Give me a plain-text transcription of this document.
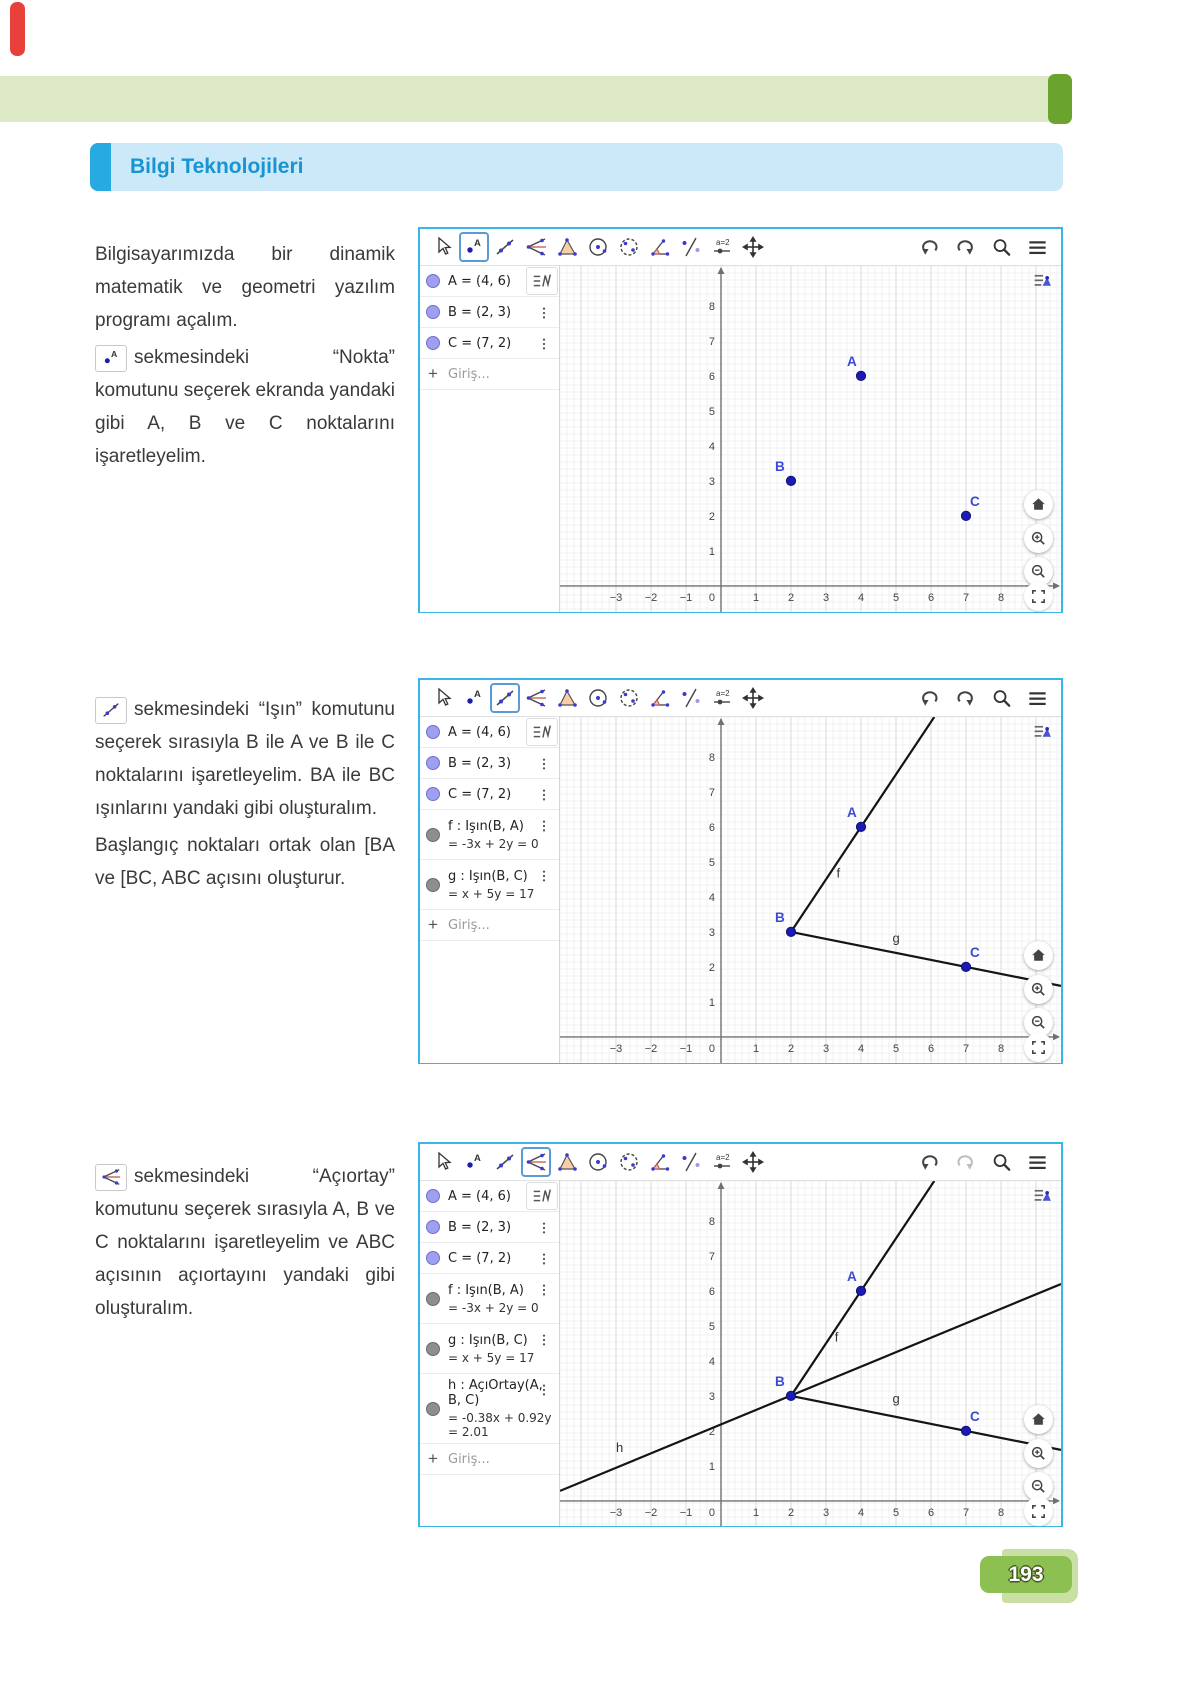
Bilgi Teknolojileri

Bilgisayarımızda bir dinamik matematik ve geometri yazılım programı açalım.

A sekmesindeki “Nokta” komutunu seçerek ekranda yandaki gibi A, B ve C noktalarını işaretleyelim.

A	a=2
A = (4, 6)
B = (2, 3)
C = (7, 2)
+ Giriş...
−3 −2 −1 0	1	2	3	4	5	6	7	8
1
2
3
4
5
6
7
8
A
B
C

sekmesindeki “Işın” komutunu seçerek sırasıyla B ile A ve B ile C noktalarını işaretleyelim. BA ile BC ışınlarını yandaki gibi oluşturalım.

Başlangıç noktaları ortak olan [BA ve [BC, ABC açısını oluşturur.

A	a=2
A = (4, 6)
B = (2, 3)
C = (7, 2)
f : Işın(B, A)
= -3x + 2y = 0
g : Işın(B, C)
= x + 5y = 17
+ Giriş...
−3 −2 −1 0	1	2	3	4	5	6	7	8
1
2
3
4
5
6
7
8
f
g
A
B
C

sekmesindeki “Açıortay” komutunu seçerek sırasıyla A, B ve C noktalarını işaretleyelim ve ABC açısının açıortayını yandaki gibi oluşturalım.

A	a=2
A = (4, 6)
B = (2, 3)
C = (7, 2)
f : Işın(B, A)
= -3x + 2y = 0
g : Işın(B, C)
= x + 5y = 17
h : AçıOrtay(A, B, C)
= -0.38x + 0.92y = 2.01
+ Giriş...
−3 −2 −1 0	1	2	3	4	5	6	7	8
1
2
3
4
5
6
7
8
h
f
g
A
B
C
193
